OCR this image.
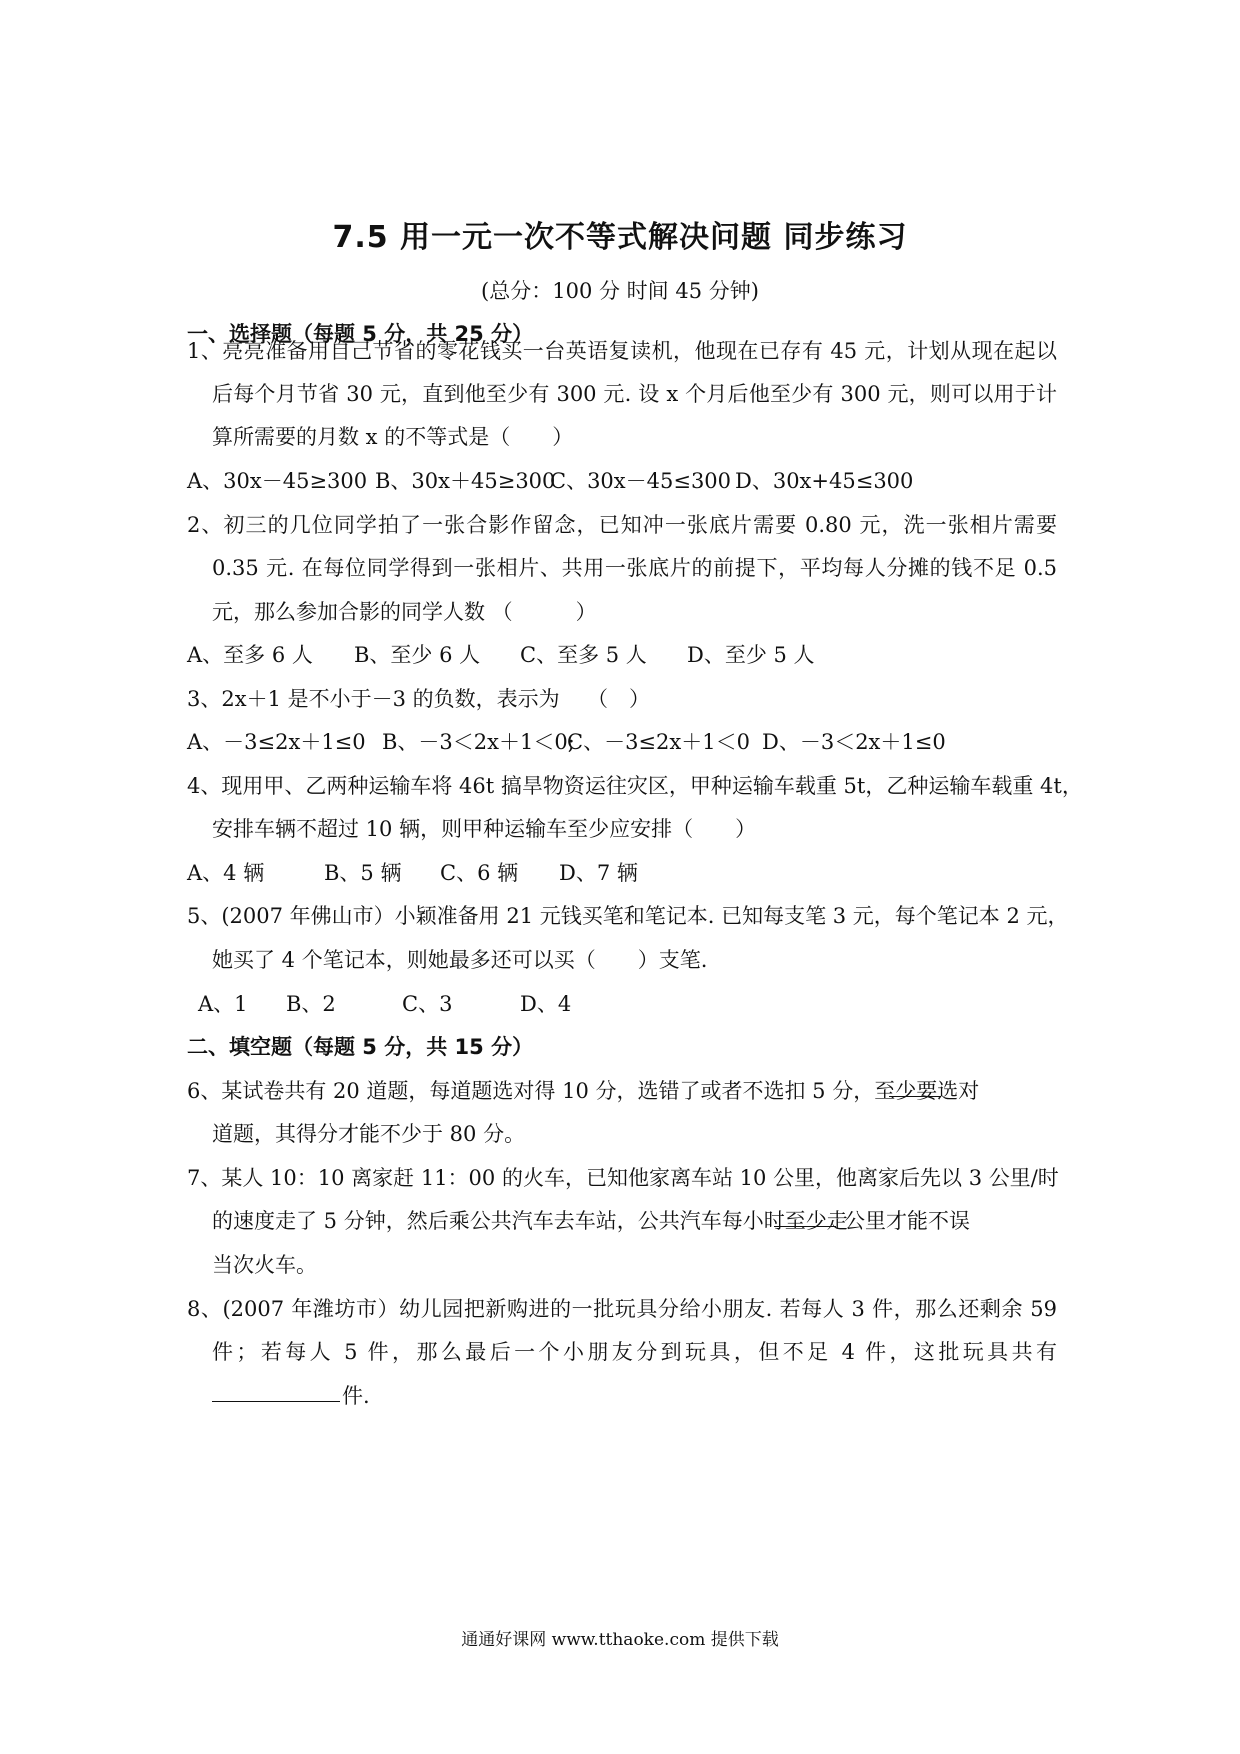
7.5 用一元一次不等式解决问题 同步练习
(总分：100 分 时间 45 分钟)
一、选择题（每题 5 分，共 25 分）
1、亮亮准备用自己节省的零花钱买一台英语复读机，他现在已存有 45 元，计划从现在起以
后每个月节省 30 元，直到他至少有 300 元. 设 x 个月后他至少有 300 元，则可以用于计
算所需要的月数 x 的不等式是（　　）
A、30x－45≥300 B、30x＋45≥300
C、30x－45≤300 D、30x+45≤300
2、初三的几位同学拍了一张合影作留念，已知冲一张底片需要 0.80 元，洗一张相片需要
0.35 元. 在每位同学得到一张相片、共用一张底片的前提下，平均每人分摊的钱不足 0.5
元，那么参加合影的同学人数 （　　　）
A、至多 6 人 B、至少 6 人 C、至多 5 人 D、至少 5 人
3、2x＋1 是不小于－3 的负数，表示为 （　）
A、－3≤2x＋1≤0 B、－3＜2x＋1＜0;
C、－3≤2x＋1＜0 D、－3＜2x＋1≤0
4、现用甲、乙两种运输车将 46t 搞旱物资运往灾区，甲种运输车载重 5t，乙种运输车载重 4t，
安排车辆不超过 10 辆，则甲种运输车至少应安排（　　）
A、4 辆	B、5 辆 C、6 辆 D、7 辆
5、(2007 年佛山市）小颖准备用 21 元钱买笔和笔记本. 已知每支笔 3 元，每个笔记本 2 元，
她买了 4 个笔记本，则她最多还可以买（　　）支笔.
A、1 B、2	C、3	D、4
二、填空题（每题 5 分，共 15 分）
6、某试卷共有 20 道题，每道题选对得 10 分，选错了或者不选扣 5 分，至少要选对
道题，其得分才能不少于 80 分。
7、某人 10：10 离家赶 11：00 的火车，已知他家离车站 10 公里，他离家后先以 3 公里/时
的速度走了 5 分钟，然后乘公共汽车去车站，公共汽车每小时至少走
公里才能不误
当次火车。
8、(2007 年潍坊市）幼儿园把新购进的一批玩具分给小朋友. 若每人 3 件，那么还剩余 59
件；若每人 5 件，那么最后一个小朋友分到玩具，但不足 4 件，这批玩具共有
件.
通通好课网 www.tthaoke.com 提供下载
